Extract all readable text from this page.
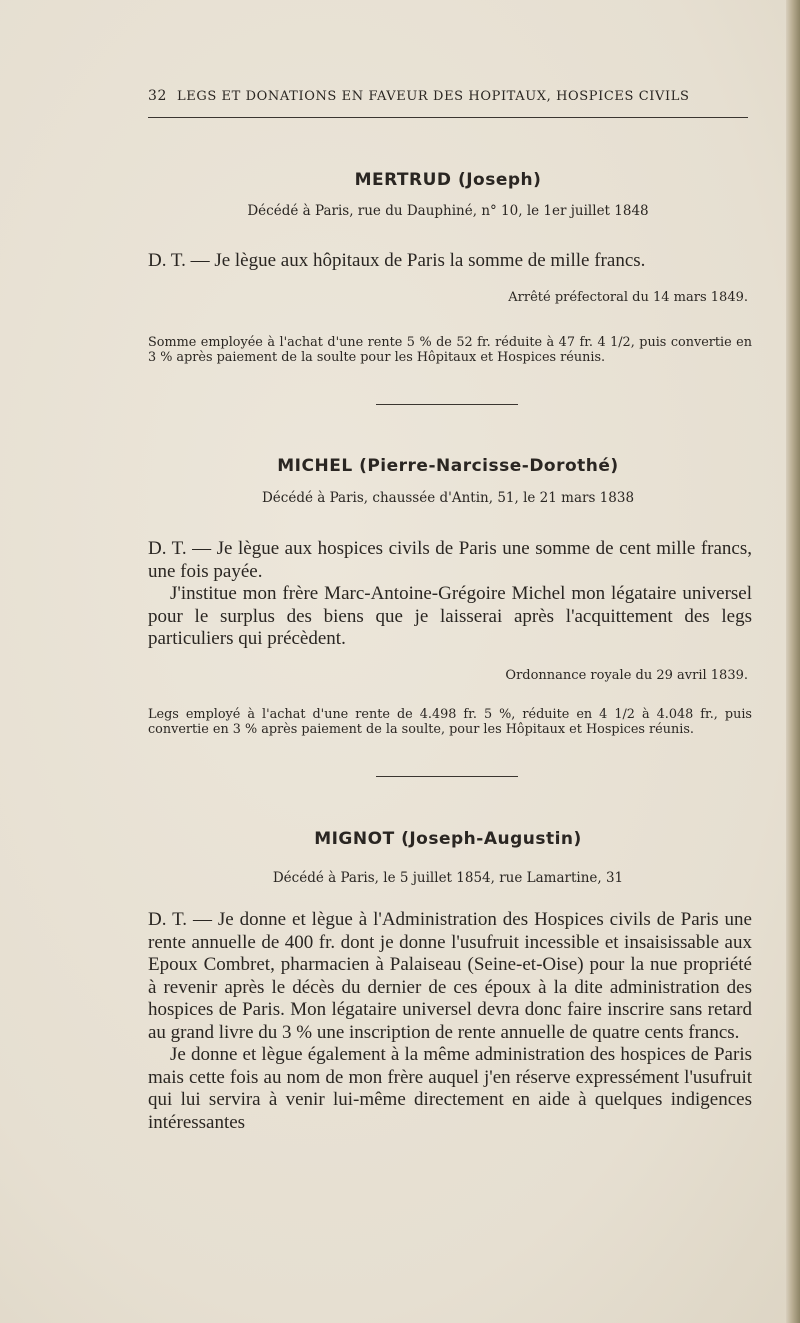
32 LEGS ET DONATIONS EN FAVEUR DES HOPITAUX, HOSPICES CIVILS
MERTRUD (Joseph)
Décédé à Paris, rue du Dauphiné, n° 10, le 1er juillet 1848

D. T. — Je lègue aux hôpitaux de Paris la somme de mille francs.

Arrêté préfectoral du 14 mars 1849.
Somme employée à l'achat d'une rente 5 % de 52 fr. réduite à 47 fr. 4 1/2, puis convertie en 3 % après paiement de la soulte pour les Hôpitaux et Hospices réunis.
MICHEL (Pierre-Narcisse-Dorothé)
Décédé à Paris, chaussée d'Antin, 51, le 21 mars 1838

D. T. — Je lègue aux hospices civils de Paris une somme de cent mille francs, une fois payée.

J'institue mon frère Marc-Antoine-Grégoire Michel mon légataire universel pour le surplus des biens que je laisserai après l'acquittement des legs particuliers qui précèdent.

Ordonnance royale du 29 avril 1839.
Legs employé à l'achat d'une rente de 4.498 fr. 5 %, réduite en 4 1/2 à 4.048 fr., puis convertie en 3 % après paiement de la soulte, pour les Hôpitaux et Hospices réunis.
MIGNOT (Joseph-Augustin)
Décédé à Paris, le 5 juillet 1854, rue Lamartine, 31

D. T. — Je donne et lègue à l'Administration des Hospices civils de Paris une rente annuelle de 400 fr. dont je donne l'usufruit incessible et insaisissable aux Epoux Combret, pharmacien à Palaiseau (Seine-et-Oise) pour la nue propriété à revenir après le décès du dernier de ces époux à la dite administration des hospices de Paris. Mon légataire universel devra donc faire inscrire sans retard au grand livre du 3 % une inscription de rente annuelle de quatre cents francs.

Je donne et lègue également à la même administration des hospices de Paris mais cette fois au nom de mon frère auquel j'en réserve expressément l'usufruit qui lui servira à venir lui-même directement en aide à quelques indigences intéressantes
